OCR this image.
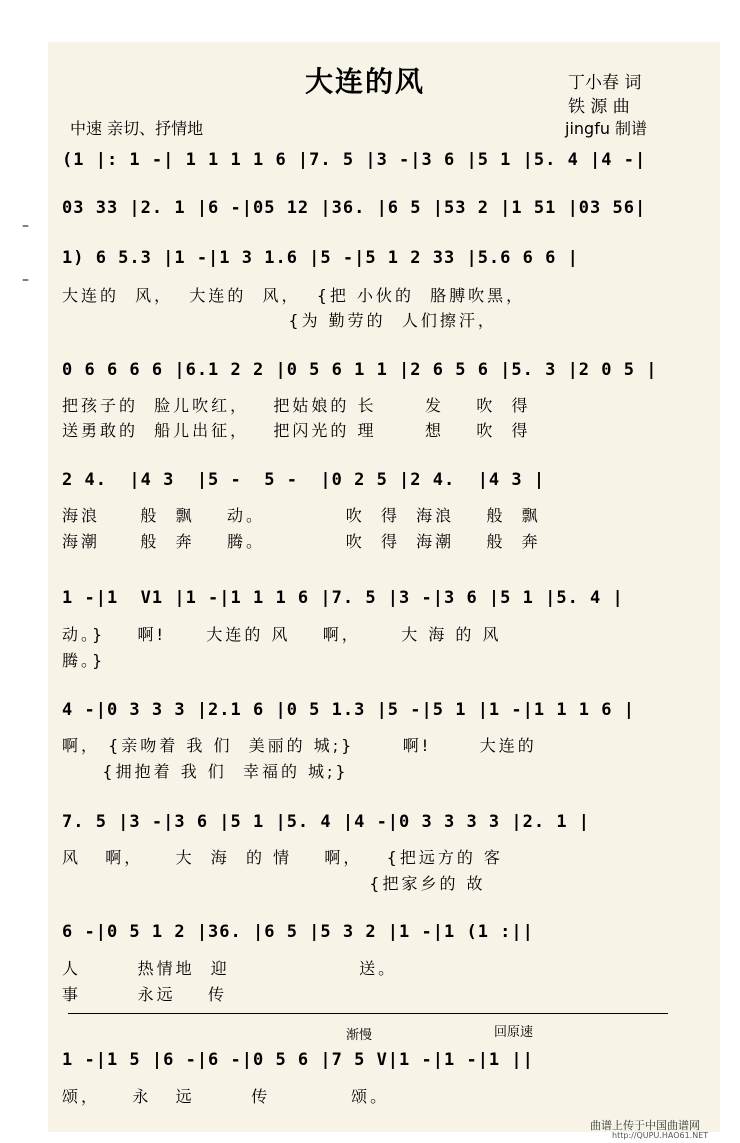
大连的风	丁小春 词
铁 源 曲
jingfu 制谱
中速 亲切、抒情地
–
–
(1 |: 1 -| 1 1 1 1 6 |7. 5 |3 -|3 6 |5 1 |5. 4 |4 -|
03 33 |2. 1 |6 -|05 12 |36. |6 5 |53 2 |1 51 |03 56|
1) 6 5.3 |1 -|1 3 1.6 |5 -|5 1 2 33 |5.6 6 6 |
大连的  风，  大连的  风，  {把 小伙的  胳膊吹黑，
{为 勤劳的  人们擦汗，
0 6 6 6 6 |6.1 2 2 |0 5 6 1 1 |2 6 5 6 |5. 3 |2 0 5 |
把孩子的  脸儿吹红，   把姑娘的 长      发    吹  得
送勇敢的  船儿出征，   把闪光的 理      想    吹  得
2 4.  |4 3  |5 -  5 -  |0 2 5 |2 4.  |4 3 |
海浪     般  飘    动。          吹  得  海浪    般  飘
海潮     般  奔    腾。          吹  得  海潮    般  奔
1 -|1  V1 |1 -|1 1 1 6 |7. 5 |3 -|3 6 |5 1 |5. 4 |
动。}    啊!     大连的 风    啊，     大 海 的 风
腾。}
4 -|0 3 3 3 |2.1 6 |0 5 1.3 |5 -|5 1 |1 -|1 1 1 6 |
啊， {亲吻着 我 们  美丽的 城;}      啊!      大连的
{拥抱着 我 们  幸福的 城;}
7. 5 |3 -|3 6 |5 1 |5. 4 |4 -|0 3 3 3 3 |2. 1 |
风   啊，    大  海  的 情    啊，   {把远方的 客
{把家乡的 故
6 -|0 5 1 2 |36. |6 5 |5 3 2 |1 -|1 (1 :||
人       热情地  迎                送。
事       永远    传
渐慢	回原速
1 -|1 5 |6 -|6 -|0 5 6 |7 5 V|1 -|1 -|1 ||
颂，    永   远       传          颂。
曲谱上传于中国曲谱网
http://QUPU.HAO61.NET
